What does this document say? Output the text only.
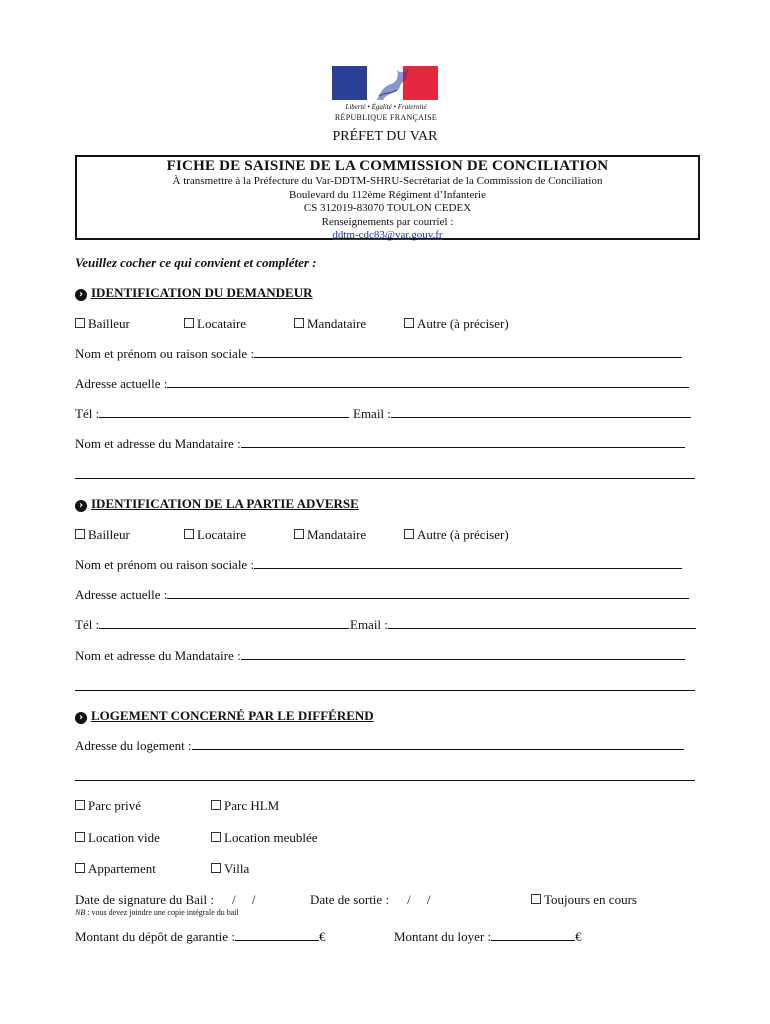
Liberté • Égalité • Fraternité
RÉPUBLIQUE FRANÇAISE
PRÉFET DU VAR
FICHE DE SAISINE DE LA COMMISSION DE CONCILIATION
À transmettre à la Préfecture du Var-DDTM-SHRU-Secrétariat de la Commission de Conciliation
Boulevard du 112ème Régiment d’Infanterie
CS 312019-83070 TOULON CEDEX
Renseignements par courriel :
ddtm-cdc83@var.gouv.fr
Veuillez cocher ce qui convient et compléter :
› IDENTIFICATION DU DEMANDEUR
Bailleur	Locataire	Mandataire	Autre (à préciser)
Nom et prénom ou raison sociale :
Adresse actuelle :
Tél :	Email :
Nom et adresse du Mandataire :
› IDENTIFICATION DE LA PARTIE ADVERSE
Bailleur	Locataire	Mandataire	Autre (à préciser)
Nom et prénom ou raison sociale :
Adresse actuelle :
Tél :	Email :
Nom et adresse du Mandataire :
› LOGEMENT CONCERNÉ PAR LE DIFFÉREND
Adresse du logement :
Parc privé	Parc HLM
Location vide	Location meublée
Appartement	Villa
Date de signature du Bail : /     /	Date de sortie : /     /	Toujours en cours
NB : vous devez joindre une copie intégrale du bail
Montant du dépôt de garantie :	€	Montant du loyer :	€
